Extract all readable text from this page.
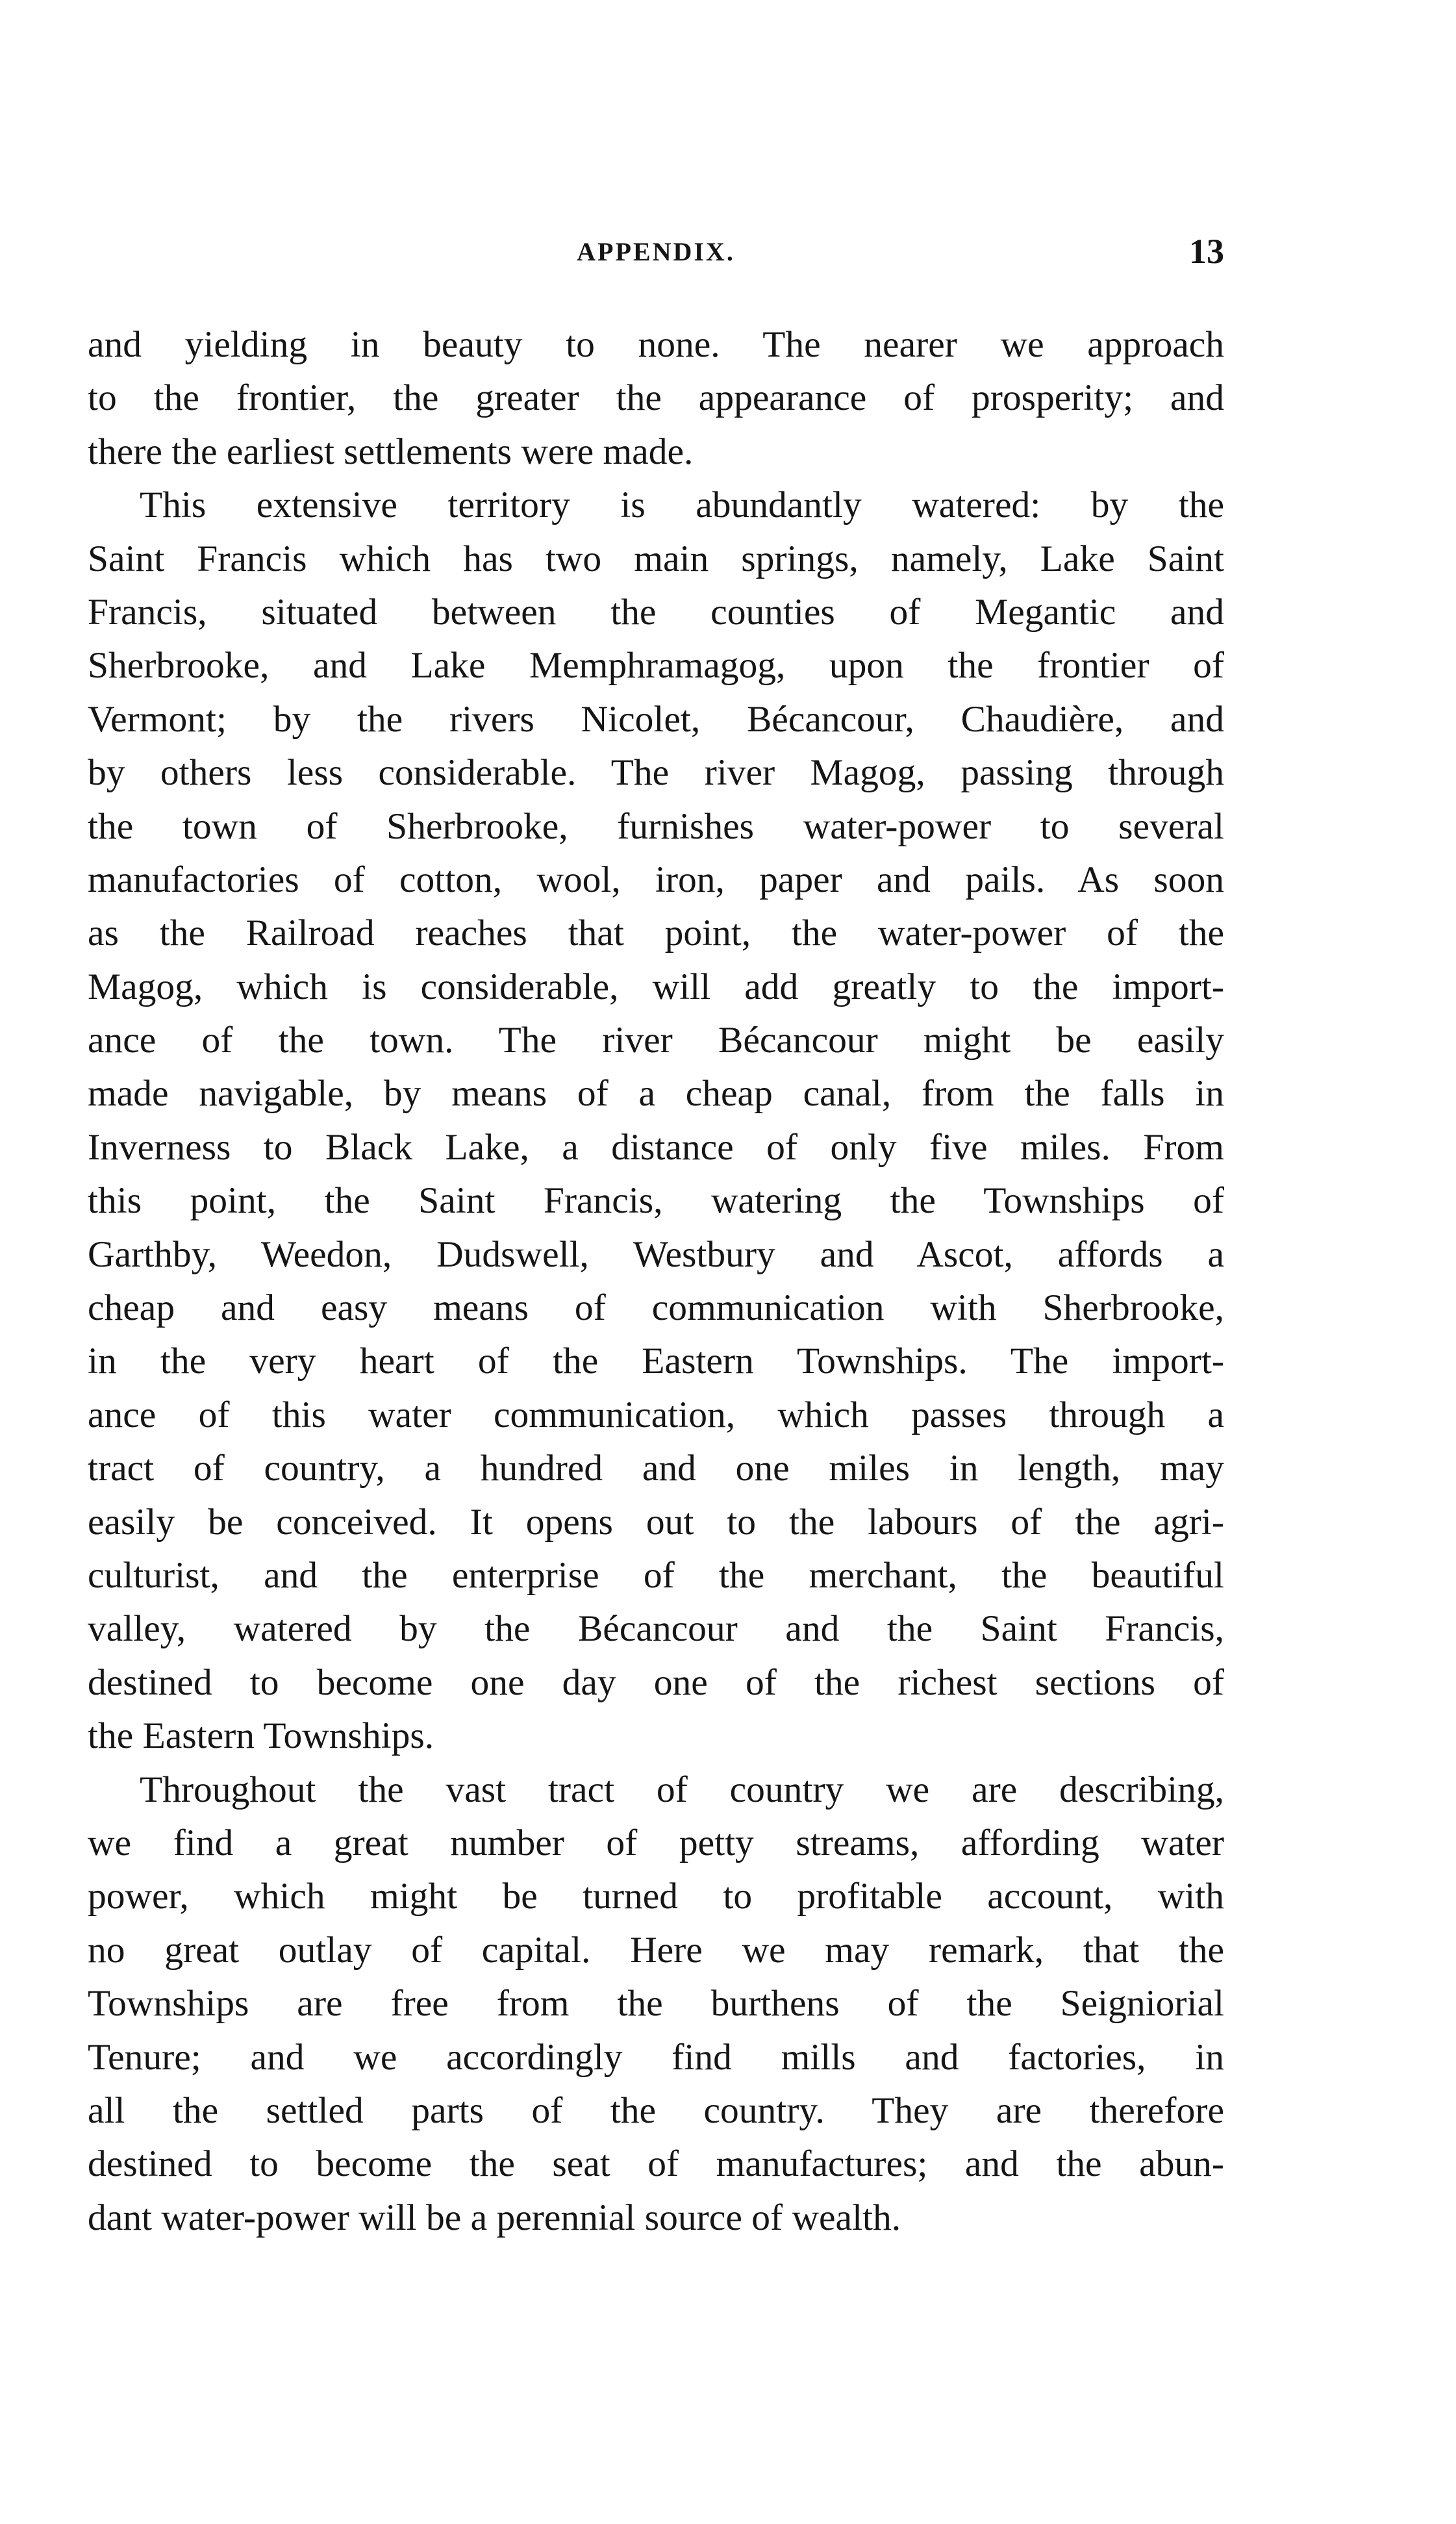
APPENDIX.	13
and yielding in beauty to none. The nearer we approach
to the frontier, the greater the appearance of prosperity; and
there the earliest settlements were made.
This extensive territory is abundantly watered: by the
Saint Francis which has two main springs, namely, Lake Saint
Francis, situated between the counties of Megantic and
Sherbrooke, and Lake Memphramagog, upon the frontier of
Vermont; by the rivers Nicolet, Bécancour, Chaudière, and
by others less considerable. The river Magog, passing through
the town of Sherbrooke, furnishes water-power to several
manufactories of cotton, wool, iron, paper and pails. As soon
as the Railroad reaches that point, the water-power of the
Magog, which is considerable, will add greatly to the import-
ance of the town. The river Bécancour might be easily
made navigable, by means of a cheap canal, from the falls in
Inverness to Black Lake, a distance of only five miles. From
this point, the Saint Francis, watering the Townships of
Garthby, Weedon, Dudswell, Westbury and Ascot, affords a
cheap and easy means of communication with Sherbrooke,
in the very heart of the Eastern Townships. The import-
ance of this water communication, which passes through a
tract of country, a hundred and one miles in length, may
easily be conceived. It opens out to the labours of the agri-
culturist, and the enterprise of the merchant, the beautiful
valley, watered by the Bécancour and the Saint Francis,
destined to become one day one of the richest sections of
the Eastern Townships.
Throughout the vast tract of country we are describing,
we find a great number of petty streams, affording water
power, which might be turned to profitable account, with
no great outlay of capital. Here we may remark, that the
Townships are free from the burthens of the Seigniorial
Tenure; and we accordingly find mills and factories, in
all the settled parts of the country. They are therefore
destined to become the seat of manufactures; and the abun-
dant water-power will be a perennial source of wealth.
